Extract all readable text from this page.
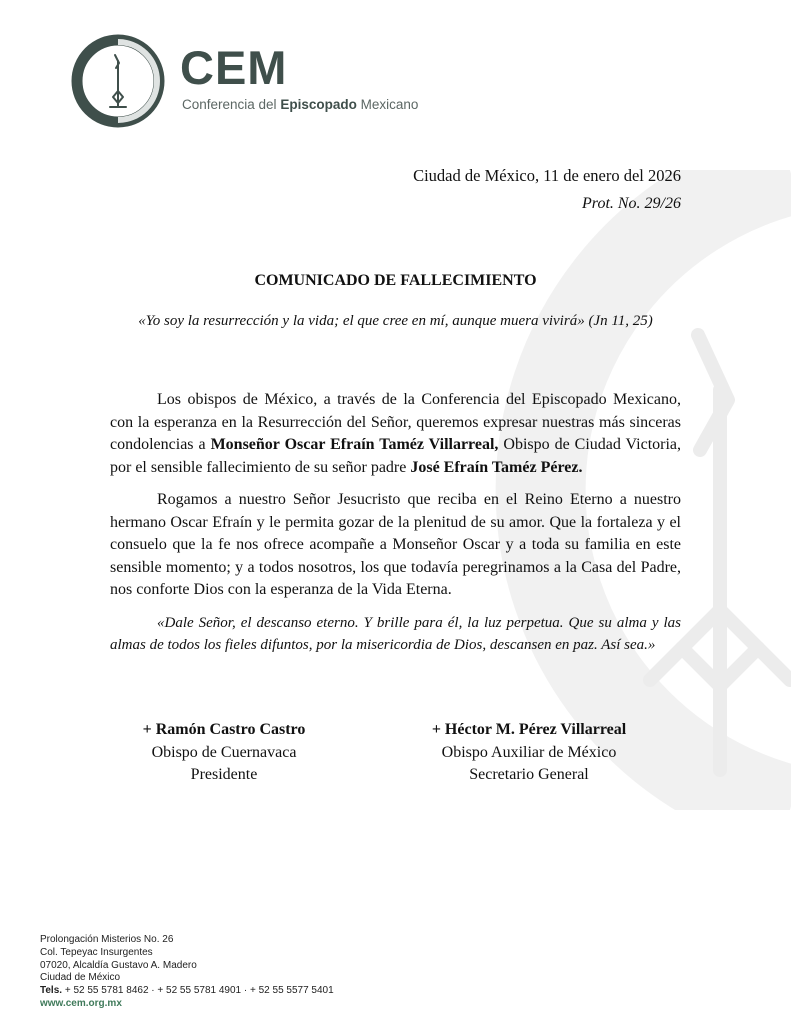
CEM
Conferencia del Episcopado Mexicano
Ciudad de México, 11 de enero del 2026
Prot. No. 29/26
COMUNICADO DE FALLECIMIENTO
«Yo soy la resurrección y la vida; el que cree en mí, aunque muera vivirá» (Jn 11, 25)

Los obispos de México, a través de la Conferencia del Episcopado Mexicano, con la esperanza en la Resurrección del Señor, queremos expresar nuestras más sinceras condolencias a Monseñor Oscar Efraín Taméz Villarreal, Obispo de Ciudad Victoria, por el sensible fallecimiento de su señor padre José Efraín Taméz Pérez.

Rogamos a nuestro Señor Jesucristo que reciba en el Reino Eterno a nuestro hermano Oscar Efraín y le permita gozar de la plenitud de su amor. Que la fortaleza y el consuelo que la fe nos ofrece acompañe a Monseñor Oscar y a toda su familia en este sensible momento; y a todos nosotros, los que todavía peregrinamos a la Casa del Padre, nos conforte Dios con la esperanza de la Vida Eterna.

«Dale Señor, el descanso eterno. Y brille para él, la luz perpetua. Que su alma y las almas de todos los fieles difuntos, por la misericordia de Dios, descansen en paz. Así sea.»

+ Ramón Castro Castro
Obispo de Cuernavaca
Presidente
+ Héctor M. Pérez Villarreal
Obispo Auxiliar de México
Secretario General
Prolongación Misterios No. 26
Col. Tepeyac Insurgentes
07020, Alcaldía Gustavo A. Madero
Ciudad de México
Tels. + 52 55 5781 8462 · + 52 55 5781 4901 · + 52 55 5577 5401
www.cem.org.mx
